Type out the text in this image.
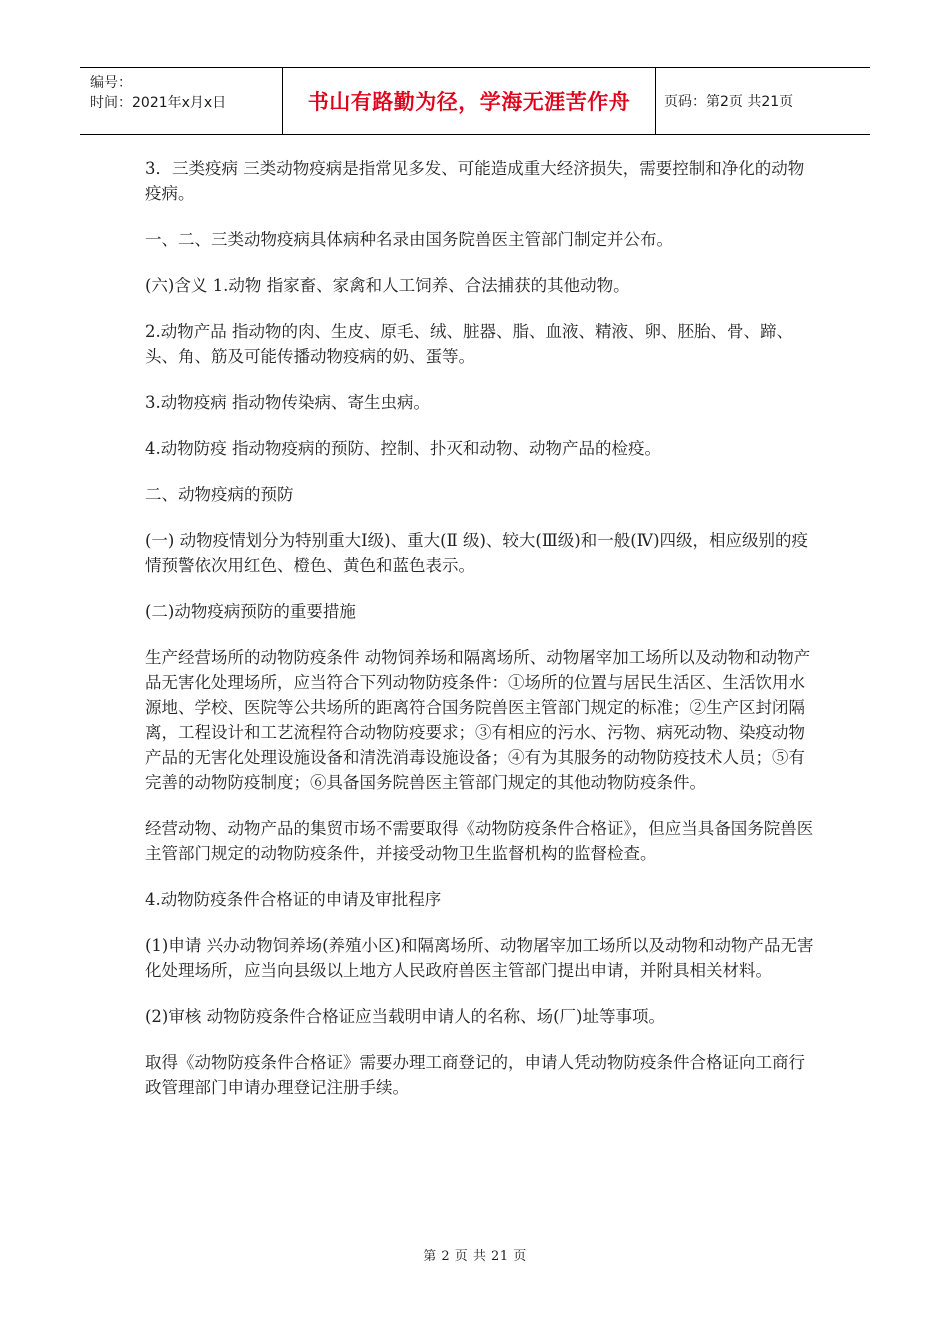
编号：
时间：2021年x月x日	书山有路勤为径，学海无涯苦作舟	页码：第2页 共21页

3．三类疫病 三类动物疫病是指常见多发、可能造成重大经济损失，需要控制和净化的动物疫病。

一、二、三类动物疫病具体病种名录由国务院兽医主管部门制定并公布。

(六)含义 1.动物 指家畜、家禽和人工饲养、合法捕获的其他动物。

2.动物产品 指动物的肉、生皮、原毛、绒、脏器、脂、血液、精液、卵、胚胎、骨、蹄、头、角、筋及可能传播动物疫病的奶、蛋等。

3.动物疫病 指动物传染病、寄生虫病。

4.动物防疫 指动物疫病的预防、控制、扑灭和动物、动物产品的检疫。

二、动物疫病的预防

(一) 动物疫情划分为特别重大Ⅰ级)、重大(Ⅱ 级)、较大(Ⅲ级)和一般(Ⅳ)四级，相应级别的疫情预警依次用红色、橙色、黄色和蓝色表示。

(二)动物疫病预防的重要措施

生产经营场所的动物防疫条件 动物饲养场和隔离场所、动物屠宰加工场所以及动物和动物产品无害化处理场所，应当符合下列动物防疫条件：①场所的位置与居民生活区、生活饮用水源地、学校、医院等公共场所的距离符合国务院兽医主管部门规定的标准；②生产区封闭隔离，工程设计和工艺流程符合动物防疫要求；③有相应的污水、污物、病死动物、染疫动物产品的无害化处理设施设备和清洗消毒设施设备；④有为其服务的动物防疫技术人员；⑤有完善的动物防疫制度；⑥具备国务院兽医主管部门规定的其他动物防疫条件。

经营动物、动物产品的集贸市场不需要取得《动物防疫条件合格证》，但应当具备国务院兽医主管部门规定的动物防疫条件，并接受动物卫生监督机构的监督检查。

4.动物防疫条件合格证的申请及审批程序

(1)申请 兴办动物饲养场(养殖小区)和隔离场所、动物屠宰加工场所以及动物和动物产品无害化处理场所，应当向县级以上地方人民政府兽医主管部门提出申请，并附具相关材料。

(2)审核 动物防疫条件合格证应当载明申请人的名称、场(厂)址等事项。

取得《动物防疫条件合格证》需要办理工商登记的，申请人凭动物防疫条件合格证向工商行政管理部门申请办理登记注册手续。

第 2 页 共 21 页
